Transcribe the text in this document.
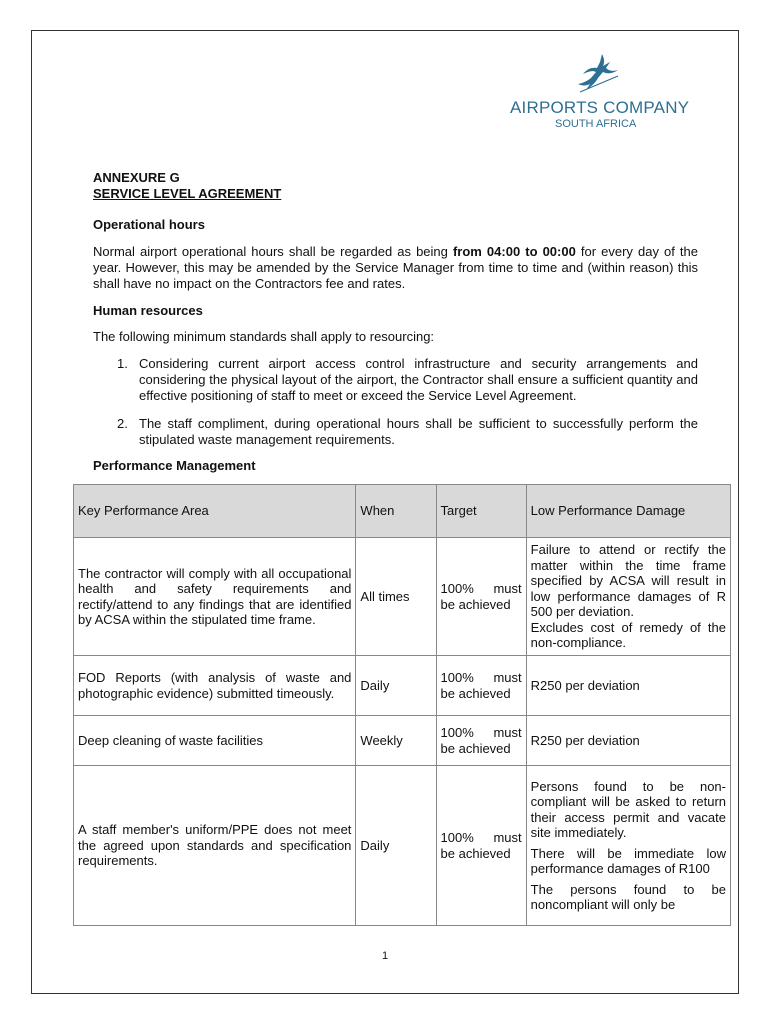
AIRPORTS COMPANY
SOUTH AFRICA
ANNEXURE G
SERVICE LEVEL AGREEMENT
Operational hours
Normal airport operational hours shall be regarded as being from 04:00 to 00:00 for every day of the year. However, this may be amended by the Service Manager from time to time and (within reason) this shall have no impact on the Contractors fee and rates.
Human resources
The following minimum standards shall apply to resourcing:
1. Considering current airport access control infrastructure and security arrangements and considering the physical layout of the airport, the Contractor shall ensure a sufficient quantity and effective positioning of staff to meet or exceed the Service Level Agreement.
2. The staff compliment, during operational hours shall be sufficient to successfully perform the stipulated waste management requirements.
Performance Management
Key Performance Area	When	Target	Low Performance Damage
The contractor will comply with all occupational health and safety requirements and rectify/attend to any findings that are identified by ACSA within the stipulated time frame.	All times	100% must be achieved	Failure to attend or rectify the matter within the time frame specified by ACSA will result in low performance damages of R 500 per deviation.
Excludes cost of remedy of the non-compliance.

FOD Reports (with analysis of waste and photographic evidence) submitted timeously.	Daily	100% must be achieved	R250 per deviation
Deep cleaning of waste facilities	Weekly	100% must be achieved	R250 per deviation
A staff member's uniform/PPE does not meet the agreed upon standards and specification requirements.	Daily	100% must be achieved	Persons found to be non-compliant will be asked to return their access permit and vacate site immediately.
There will be immediate low performance damages of R100
The persons found to be noncompliant will only be
1
